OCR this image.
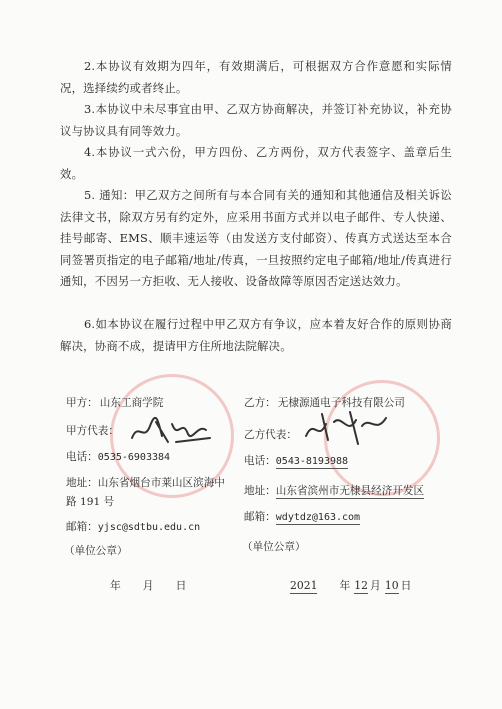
2.本协议有效期为四年，有效期满后，可根据双方合作意愿和实际情况，选择续约或者终止。

3.本协议中未尽事宜由甲、乙双方协商解决，并签订补充协议，补充协议与协议具有同等效力。

4.本协议一式六份，甲方四份、乙方两份，双方代表签字、盖章后生效。

5. 通知：甲乙双方之间所有与本合同有关的通知和其他通信及相关诉讼法律文书，除双方另有约定外，应采用书面方式并以电子邮件、专人快递、挂号邮寄、EMS、顺丰速运等（由发送方支付邮资）、传真方式送达至本合同签署页指定的电子邮箱/地址/传真，一旦按照约定电子邮箱/地址/传真进行通知，不因另一方拒收、无人接收、设备故障等原因否定送达效力。

6.如本协议在履行过程中甲乙双方有争议，应本着友好合作的原则协商解决，协商不成，提请甲方住所地法院解决。

甲方： 山东工商学院
甲方代表：
电话：0535-6903384
地址：山东省烟台市莱山区滨海中路 191 号
邮箱：yjsc@sdtbu.edu.cn
（单位公章）
乙方： 无棣源通电子科技有限公司
乙方代表：
电话：0543-8193988
地址：山东省滨州市无棣县经济开发区
邮箱：wdytdz@163.com
（单位公章）
年 月 日	2021 年 12 月 10 日
